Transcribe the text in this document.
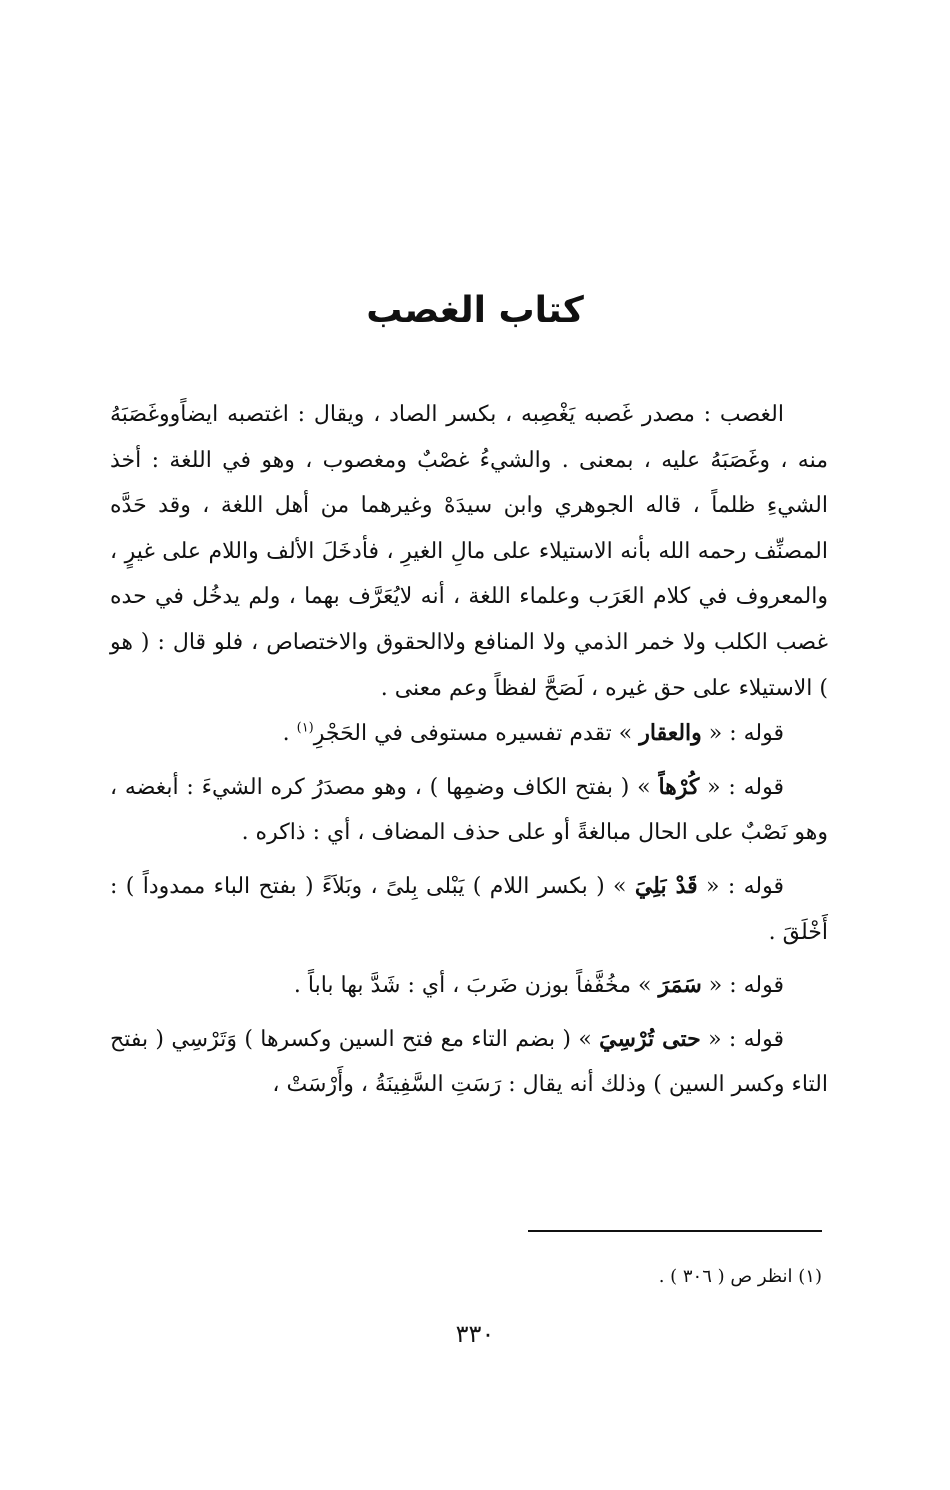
كتاب الغصب

الغصب : مصدر غَصبه يَغْصِبه ، بكسر الصاد ، ويقال : اغتصبه ايضاًووغَصَبَهُ منه ، وغَصَبَهُ عليه ، بمعنى . والشيءُ غصْبٌ ومغصوب ، وهو في اللغة : أخذ الشيءِ ظلماً ، قاله الجوهري وابن سيدَهْ وغيرهما من أهل اللغة ، وقد حَدَّه المصنِّف رحمه الله بأنه الاستيلاء على مالِ الغيرِ ، فأدخَلَ الألف واللام على غيرٍ ، والمعروف في كلام العَرَب وعلماء اللغة ، أنه لايُعَرَّف بهما ، ولم يدخُل في حده غصب الكلب ولا خمر الذمي ولا المنافع ولاالحقوق والاختصاص ، فلو قال : ( هو ) الاستيلاء على حق غيره ، لَصَحَّ لفظاً وعم معنى .

قوله : « والعقار » تقدم تفسيره مستوفى في الحَجْرِ$^{(١)}$ .

قوله : « كُرْهاً » ( بفتح الكاف وضمِها ) ، وهو مصدَرُ كره الشيءَ : أبغضه ، وهو نَصْبٌ على الحال مبالغةً أو على حذف المضاف ، أي : ذاكره .

قوله : « قَدْ بَلِيَ » ( بكسر اللام ) يَبْلى بِلىً ، وبَلاَءً ( بفتح الباء ممدوداً ) : أَخْلَقَ .

قوله : « سَمَرَ » مخُفَّفاً بوزن ضَربَ ، أي : شَدَّ بها باباً .

قوله : « حتى تُرْسِيَ » ( بضم التاء مع فتح السين وكسرها ) وَتَرْسِي ( بفتح التاء وكسر السين ) وذلك أنه يقال : رَسَتِ السَّفِينَةُ ، وأَرْسَتْ ،

(١) انظر ص ( ٣٠٦ ) .
٣٣٠
